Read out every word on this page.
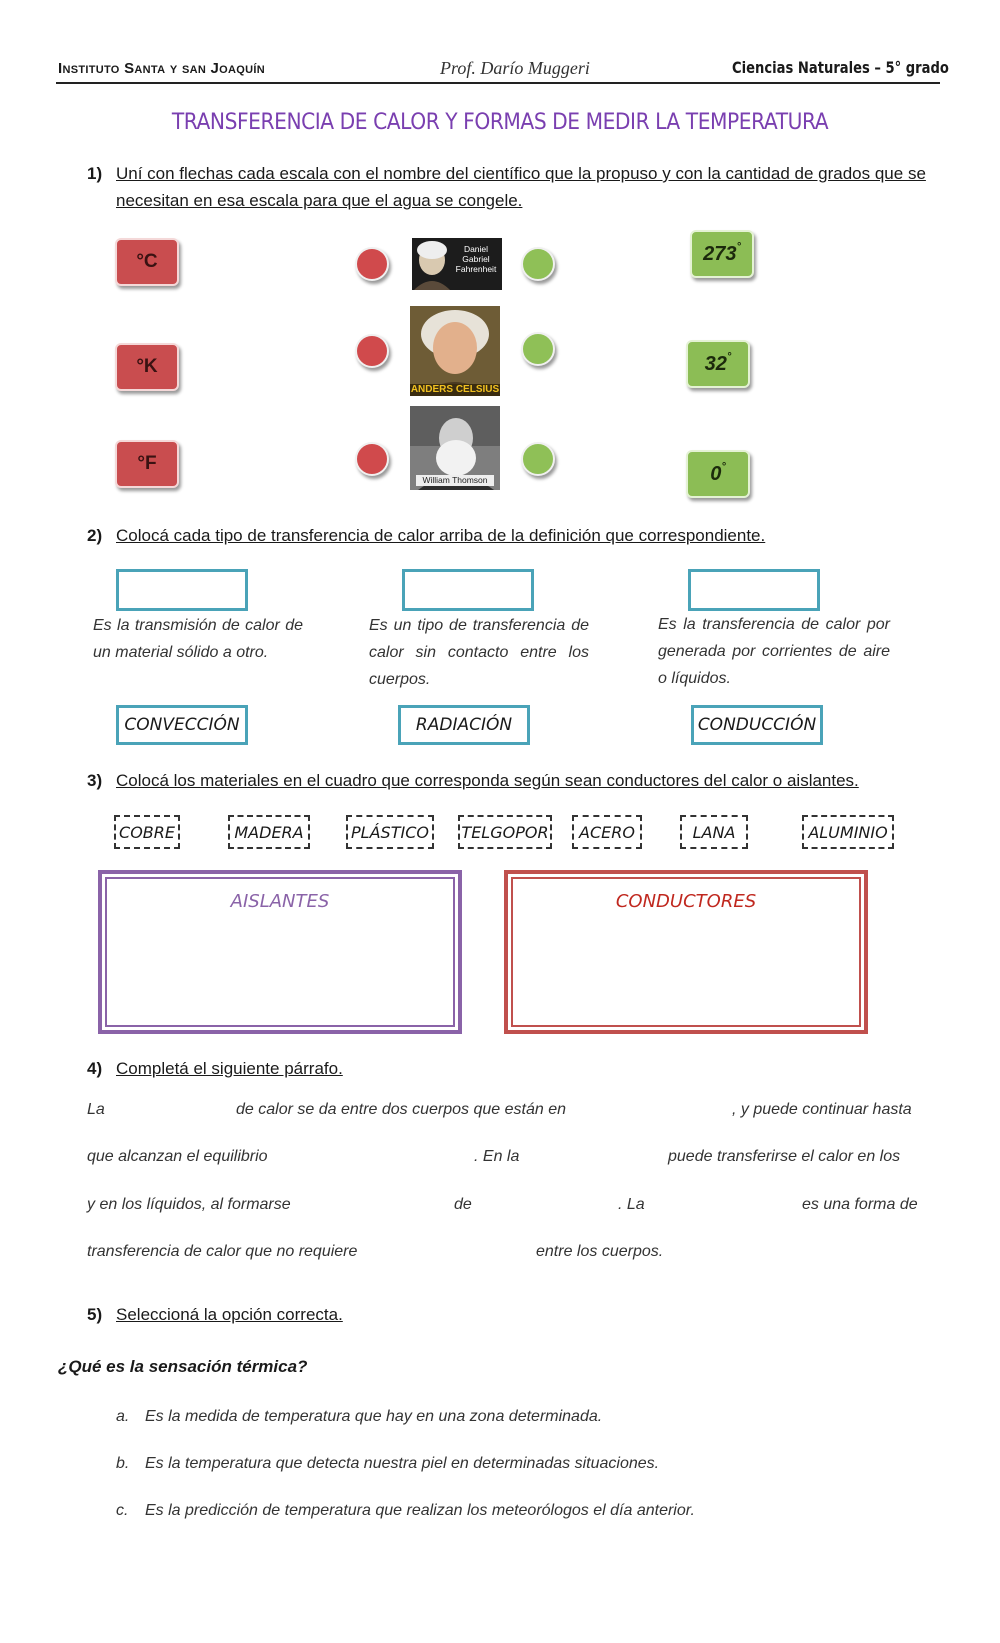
Instituto Santa y san Joaquín	Prof. Darío Muggeri	Ciencias Naturales – 5° grado
TRANSFERENCIA DE CALOR Y FORMAS DE MEDIR LA TEMPERATURA
1) Uní con flechas cada escala con el nombre del científico que la propuso y con la cantidad de grados que se necesitan en esa escala para que el agua se congele.
°C
°K
°F
Daniel Gabriel Fahrenheit
ANDERS CELSIUS
William Thomson
273°
32°
0°
2) Colocá cada tipo de transferencia de calor arriba de la definición que correspondiente.
Es la transmisión de calor de un material sólido a otro.
Es un tipo de transferencia de calor sin contacto entre los cuerpos.
Es la transferencia de calor por generada por corrientes de aire o líquidos.
CONVECCIÓN	RADIACIÓN	CONDUCCIÓN
3) Colocá los materiales en el cuadro que corresponda según sean conductores del calor o aislantes.
COBRE	MADERA	PLÁSTICO	TELGOPOR	ACERO	LANA	ALUMINIO
AISLANTES	CONDUCTORES
4) Completá el siguiente párrafo.
La	de calor se da entre dos cuerpos que están en	, y puede continuar hasta
que alcanzan el equilibrio	. En la	puede transferirse el calor en los
y en los líquidos, al formarse	de	. La	es una forma de
transferencia de calor que no requiere	entre los cuerpos.
5) Seleccioná la opción correcta.
¿Qué es la sensación térmica?
a. Es la medida de temperatura que hay en una zona determinada.
b. Es la temperatura que detecta nuestra piel en determinadas situaciones.
c. Es la predicción de temperatura que realizan los meteorólogos el día anterior.
